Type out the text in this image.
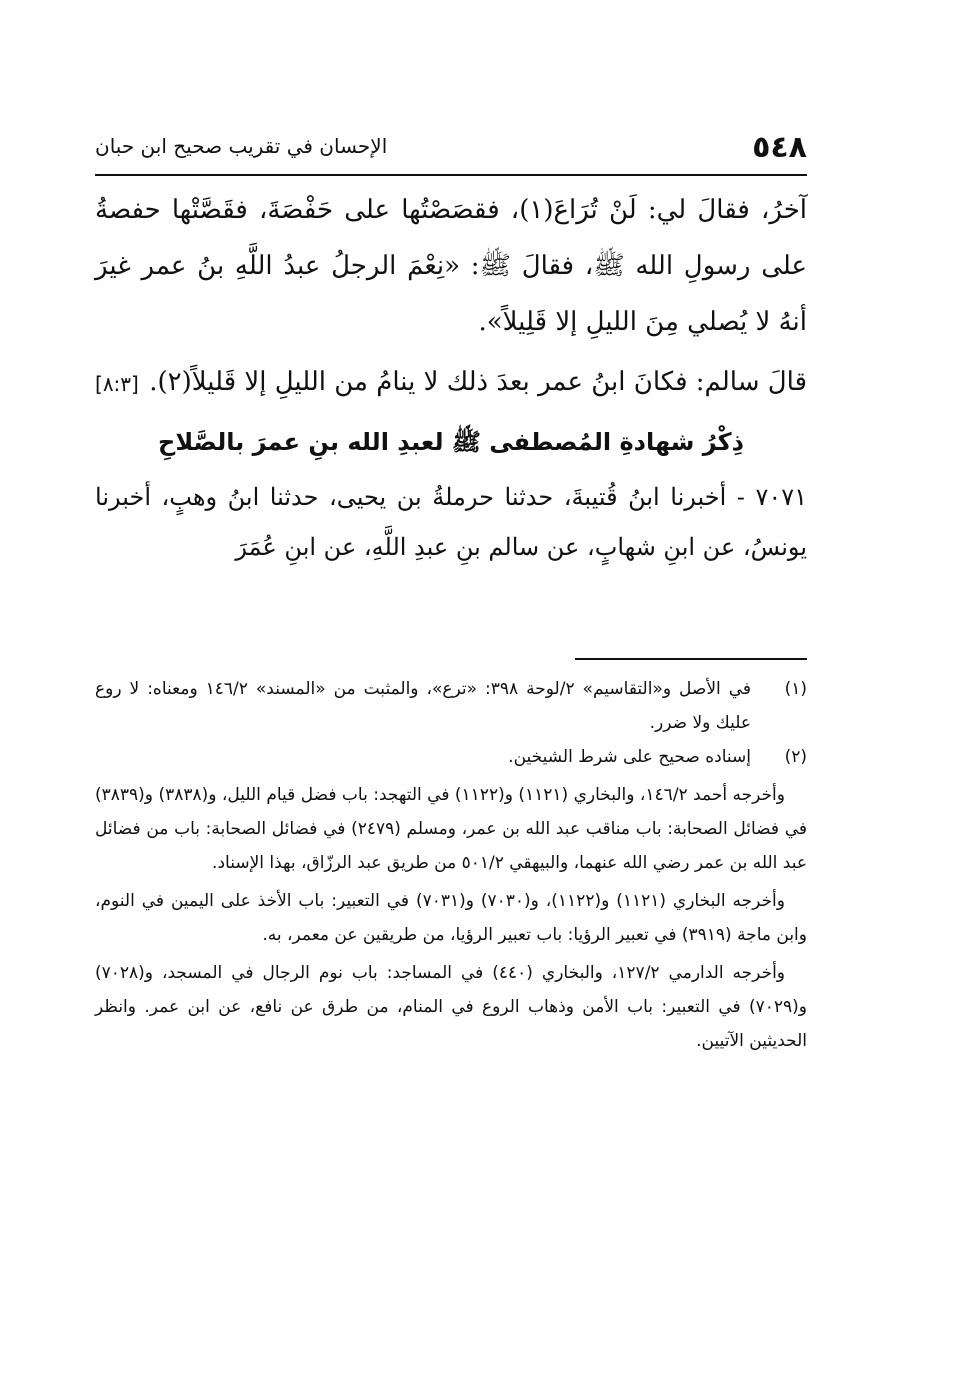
٥٤٨
الإحسان في تقريب صحيح ابن حبان

آخرُ، فقالَ لي: لَنْ تُرَاعَ(١)، فقصَصْتُها على حَفْصَةَ، فقَصَّتْها حفصةُ على رسولِ الله ﷺ، فقالَ ﷺ: «نِعْمَ الرجلُ عبدُ اللَّهِ بنُ عمر غيرَ أنهُ لا يُصلي مِنَ الليلِ إلا قَلِيلاً».

قالَ سالم: فكانَ ابنُ عمر بعدَ ذلك لا ينامُ من الليلِ إلا قَليلاً(٢).
[٨:٣]

ذِكْرُ شهادةِ المُصطفى ﷺ لعبدِ الله بنِ عمرَ بالصَّلاحِ

٧٠٧١ - أخبرنا ابنُ قُتيبةَ، حدثنا حرملةُ بن يحيى، حدثنا ابنُ وهبٍ، أخبرنا يونسُ، عن ابنِ شهابٍ، عن سالم بنِ عبدِ اللَّهِ، عن ابنِ عُمَرَ

(١)

في الأصل و«التقاسيم» ٢/لوحة ٣٩٨: «ترع»، والمثبت من «المسند» ١٤٦/٢ ومعناه: لا روع عليك ولا ضرر.

(٢)

إسناده صحيح على شرط الشيخين.

وأخرجه أحمد ١٤٦/٢، والبخاري (١١٢١) و(١١٢٢) في التهجد: باب فضل قيام الليل، و(٣٨٣٨) و(٣٨٣٩) في فضائل الصحابة: باب مناقب عبد الله بن عمر، ومسلم (٢٤٧٩) في فضائل الصحابة: باب من فضائل عبد الله بن عمر رضي الله عنهما، والبيهقي ٥٠١/٢ من طريق عبد الرزّاق، بهذا الإسناد.

وأخرجه البخاري (١١٢١) و(١١٢٢)، و(٧٠٣٠) و(٧٠٣١) في التعبير: باب الأخذ على اليمين في النوم، وابن ماجة (٣٩١٩) في تعبير الرؤيا: باب تعبير الرؤيا، من طريقين عن معمر، به.

وأخرجه الدارمي ١٢٧/٢، والبخاري (٤٤٠) في المساجد: باب نوم الرجال في المسجد، و(٧٠٢٨) و(٧٠٢٩) في التعبير: باب الأمن وذهاب الروع في المنام، من طرق عن نافع، عن ابن عمر. وانظر الحديثين الآتيين.
